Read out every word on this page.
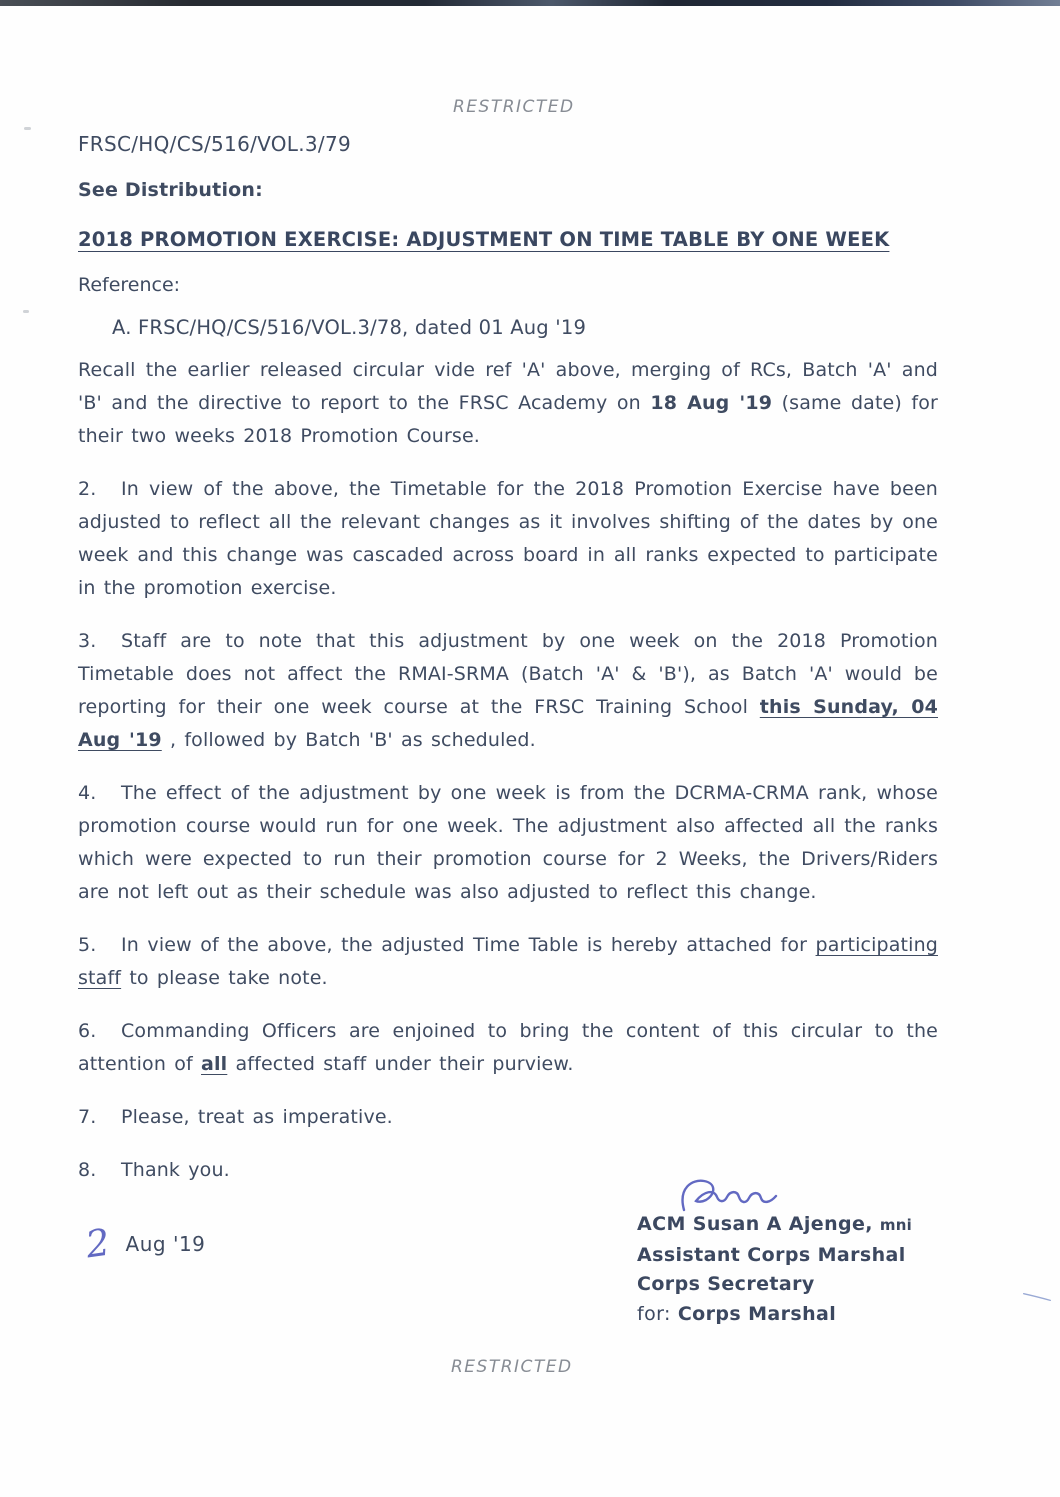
RESTRICTED
FRSC/HQ/CS/516/VOL.3/79
See Distribution:
2018 PROMOTION EXERCISE: ADJUSTMENT ON TIME TABLE BY ONE WEEK
Reference:
A. FRSC/HQ/CS/516/VOL.3/78, dated 01 Aug '19
Recall the earlier released circular vide ref 'A' above, merging of RCs, Batch 'A' and 'B' and the directive to report to the FRSC Academy on 18 Aug '19 (same date) for their two weeks 2018 Promotion Course.
2. In view of the above, the Timetable for the 2018 Promotion Exercise have been adjusted to reflect all the relevant changes as it involves shifting of the dates by one week and this change was cascaded across board in all ranks expected to participate in the promotion exercise.
3. Staff are to note that this adjustment by one week on the 2018 Promotion Timetable does not affect the RMAI-SRMA (Batch 'A' & 'B'), as Batch 'A' would be reporting for their one week course at the FRSC Training School this Sunday, 04 Aug '19 , followed by Batch 'B' as scheduled.
4. The effect of the adjustment by one week is from the DCRMA-CRMA rank, whose promotion course would run for one week. The adjustment also affected all the ranks which were expected to run their promotion course for 2 Weeks, the Drivers/Riders are not left out as their schedule was also adjusted to reflect this change.
5. In view of the above, the adjusted Time Table is hereby attached for participating staff to please take note.
6. Commanding Officers are enjoined to bring the content of this circular to the attention of all affected staff under their purview.
7. Please, treat as imperative.
8. Thank you.
ACM Susan A Ajenge, mni
Assistant Corps Marshal
Corps Secretary
for: Corps Marshal
2 Aug '19
RESTRICTED
